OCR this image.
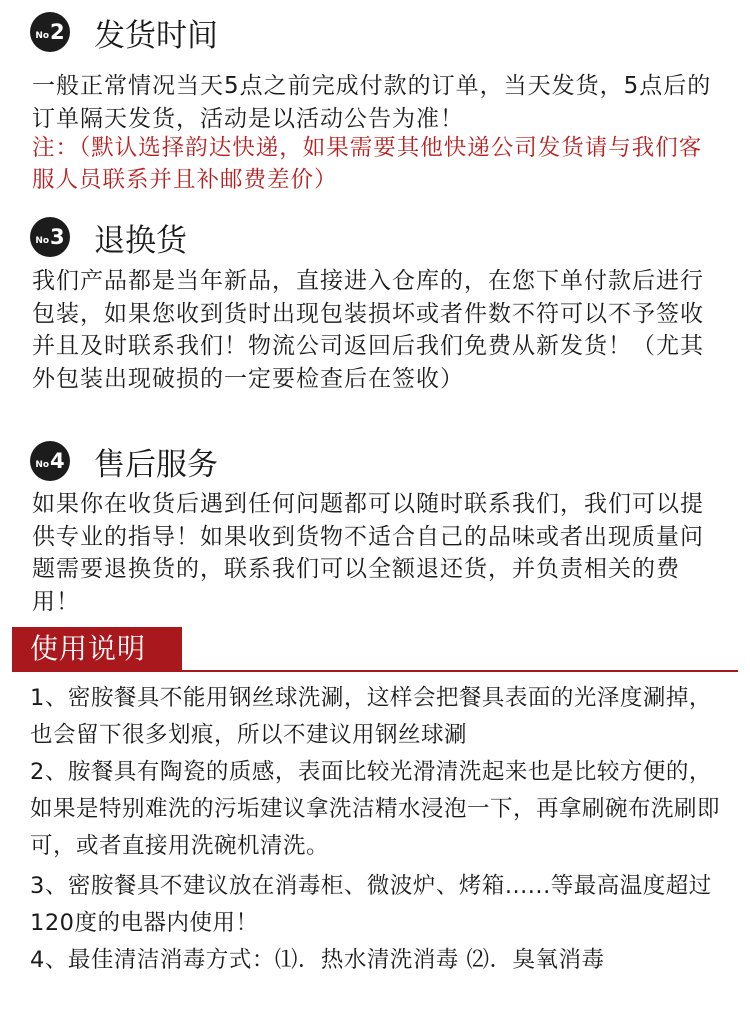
No 2 发货时间

一般正常情况当天5点之前完成付款的订单，当天发货，5点后的订单隔天发货，活动是以活动公告为准！

注：（默认选择韵达快递，如果需要其他快递公司发货请与我们客服人员联系并且补邮费差价）

No 3 退换货

我们产品都是当年新品，直接进入仓库的，在您下单付款后进行包装，如果您收到货时出现包装损坏或者件数不符可以不予签收并且及时联系我们！物流公司返回后我们免费从新发货！（尤其外包装出现破损的一定要检查后在签收）

No 4 售后服务

如果你在收货后遇到任何问题都可以随时联系我们，我们可以提供专业的指导！如果收到货物不适合自己的品味或者出现质量问题需要退换货的，联系我们可以全额退还货，并负责相关的费用！

使用说明

1、密胺餐具不能用钢丝球洗涮，这样会把餐具表面的光泽度涮掉，也会留下很多划痕，所以不建议用钢丝球涮

2、胺餐具有陶瓷的质感，表面比较光滑清洗起来也是比较方便的，如果是特别难洗的污垢建议拿洗洁精水浸泡一下，再拿刷碗布洗刷即可，或者直接用洗碗机清洗。

3、密胺餐具不建议放在消毒柜、微波炉、烤箱......等最高温度超过120度的电器内使用！

4、最佳清洁消毒方式：⑴．热水清洗消毒 ⑵．臭氧消毒
